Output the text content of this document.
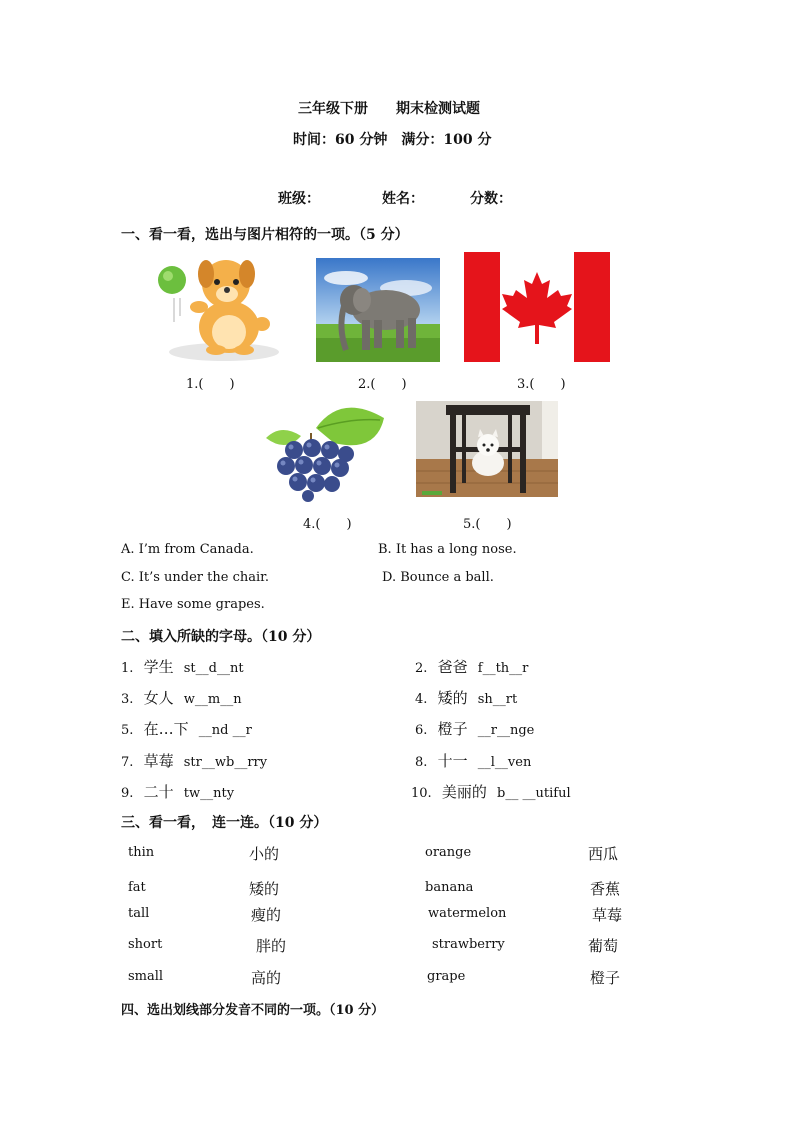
三年级下册　　期末检测试题
时间：60 分钟　满分：100 分
班级：	姓名：	分数：
一、看一看，选出与图片相符的一项。（5 分）
1.(　　)	2.(　　)	3.(　　)
4.(　　)	5.(　　)
A. I’m from Canada.	B. It has a long nose.
C. It’s under the chair.	D. Bounce a ball.
E. Have some grapes.
二、填入所缺的字母。（10 分）
1. 学生 st__d__nt	2. 爸爸 f__th__r
3. 女人 w__m__n	4. 矮的 sh__rt
5. 在…下 __nd __r	6. 橙子 __r__nge
7. 草莓 str__wb__rry	8. 十一 __l__ven
9. 二十 tw__nty	10. 美丽的 b__ __utiful
三、看一看，　连一连。（10 分）
thin	小的	orange	西瓜
fat	矮的	banana	香蕉
tall	瘦的	watermelon	草莓
short	胖的	strawberry	葡萄
small	高的	grape	橙子
四、选出划线部分发音不同的一项。（10 分）
